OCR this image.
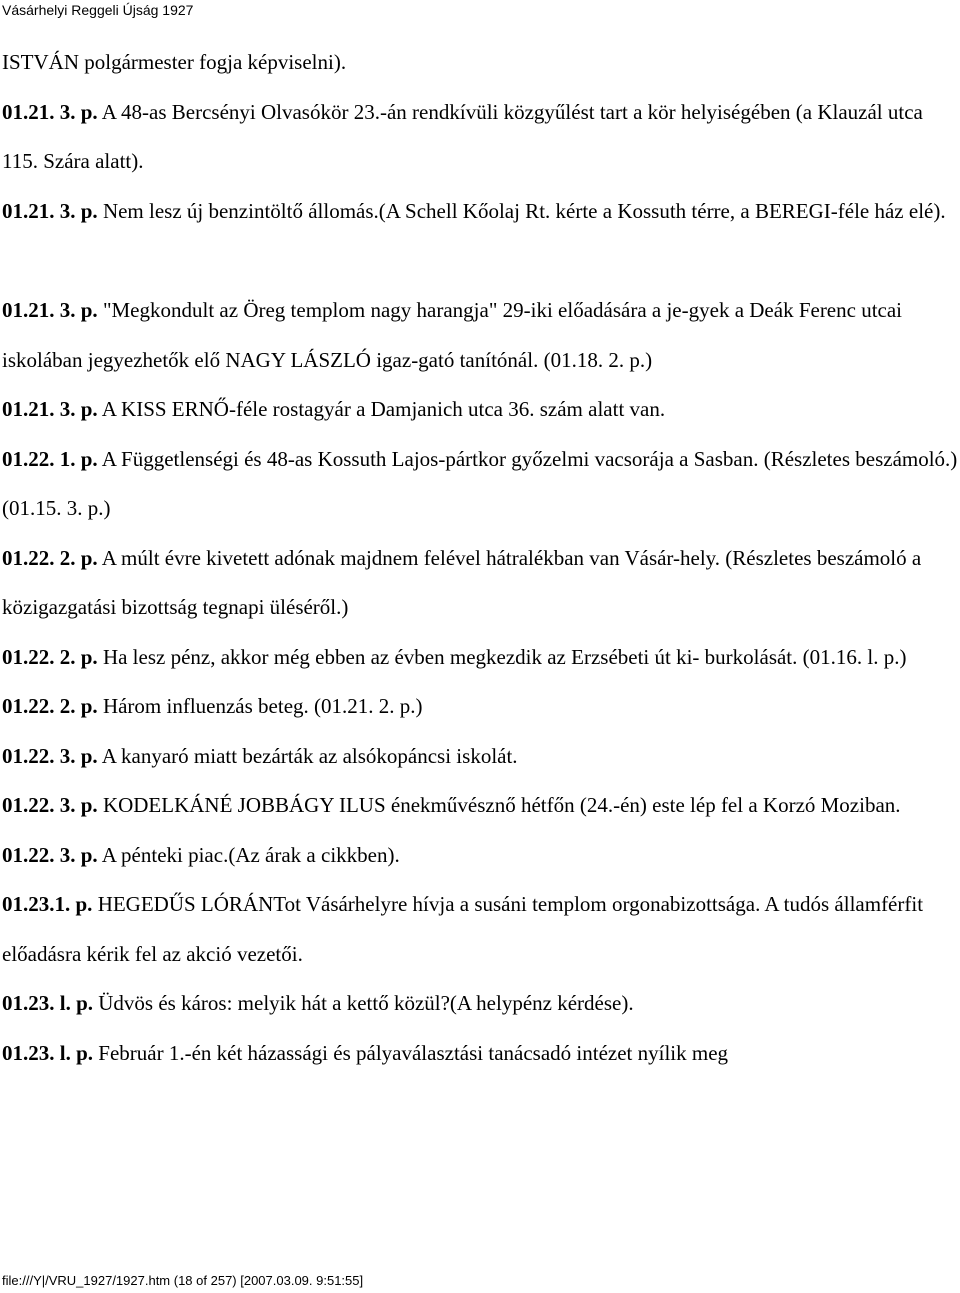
Vásárhelyi Reggeli Újság 1927

ISTVÁN polgármester fogja képviselni).

01.21. 3. p. A 48-as Bercsényi Olvasókör 23.-án rendkívüli közgyűlést tart a kör helyiségében (a Klauzál utca 115. Szára alatt).

01.21. 3. p. Nem lesz új benzintöltő állomás.(A Schell Kőolaj Rt. kérte a Kossuth térre, a BEREGI-féle ház elé).

01.21. 3. p. "Megkondult az Öreg templom nagy harangja" 29-iki előadására a je-gyek a Deák Ferenc utcai iskolában jegyezhetők elő NAGY LÁSZLÓ igaz-gató tanítónál. (01.18. 2. p.)

01.21. 3. p. A KISS ERNŐ-féle rostagyár a Damjanich utca 36. szám alatt van.

01.22. 1. p. A Függetlenségi és 48-as Kossuth Lajos-pártkor győzelmi vacsorája a Sasban. (Részletes beszámoló.) (01.15. 3. p.)

01.22. 2. p. A múlt évre kivetett adónak majdnem felével hátralékban van Vásár-hely. (Részletes beszámoló a közigazgatási bizottság tegnapi üléséről.)

01.22. 2. p. Ha lesz pénz, akkor még ebben az évben megkezdik az Erzsébeti út ki- burkolását. (01.16. l. p.)

01.22. 2. p. Három influenzás beteg. (01.21. 2. p.)

01.22. 3. p. A kanyaró miatt bezárták az alsókopáncsi iskolát.

01.22. 3. p. KODELKÁNÉ JOBBÁGY ILUS énekművésznő hétfőn (24.-én) este lép fel a Korzó Moziban.

01.22. 3. p. A pénteki piac.(Az árak a cikkben).

01.23.1. p. HEGEDŰS LÓRÁNTot Vásárhelyre hívja a susáni templom orgonabizottsága. A tudós államférfit előadásra kérik fel az akció vezetői.

01.23. l. p. Üdvös és káros: melyik hát a kettő közül?(A helypénz kérdése).

01.23. l. p. Február 1.-én két házassági és pályaválasztási tanácsadó intézet nyílik meg

file:///Y|/VRU_1927/1927.htm (18 of 257) [2007.03.09. 9:51:55]
